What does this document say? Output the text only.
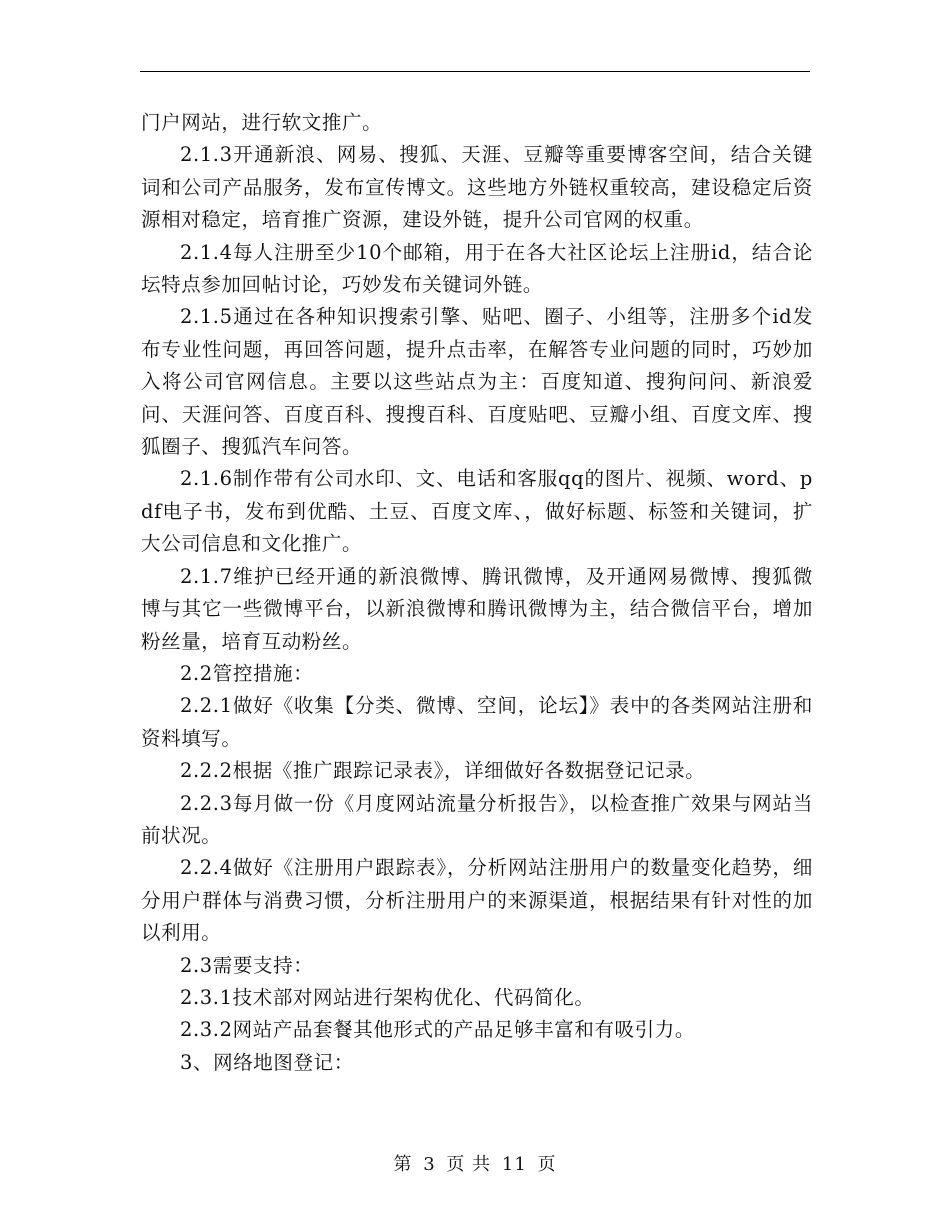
门户网站，进行软文推广。

2.1.3开通新浪、网易、搜狐、天涯、豆瓣等重要博客空间，结合关键词和公司产品服务，发布宣传博文。这些地方外链权重较高，建设稳定后资源相对稳定，培育推广资源，建设外链，提升公司官网的权重。

2.1.4每人注册至少10个邮箱，用于在各大社区论坛上注册id，结合论坛特点参加回帖讨论，巧妙发布关键词外链。

2.1.5通过在各种知识搜索引擎、贴吧、圈子、小组等，注册多个id发布专业性问题，再回答问题，提升点击率，在解答专业问题的同时，巧妙加入将公司官网信息。主要以这些站点为主：百度知道、搜狗问问、新浪爱问、天涯问答、百度百科、搜搜百科、百度贴吧、豆瓣小组、百度文库、搜狐圈子、搜狐汽车问答。

2.1.6制作带有公司水印、文、电话和客服qq的图片、视频、word、pdf电子书，发布到优酷、土豆、百度文库、，做好标题、标签和关键词，扩大公司信息和文化推广。

2.1.7维护已经开通的新浪微博、腾讯微博，及开通网易微博、搜狐微博与其它一些微博平台，以新浪微博和腾讯微博为主，结合微信平台，增加粉丝量，培育互动粉丝。

2.2管控措施：

2.2.1做好《收集【分类、微博、空间，论坛】》表中的各类网站注册和资料填写。

2.2.2根据《推广跟踪记录表》，详细做好各数据登记记录。

2.2.3每月做一份《月度网站流量分析报告》，以检查推广效果与网站当前状况。

2.2.4做好《注册用户跟踪表》，分析网站注册用户的数量变化趋势，细分用户群体与消费习惯，分析注册用户的来源渠道，根据结果有针对性的加以利用。

2.3需要支持：

2.3.1技术部对网站进行架构优化、代码简化。

2.3.2网站产品套餐其他形式的产品足够丰富和有吸引力。

3、网络地图登记：

第 3 页 共 11 页
